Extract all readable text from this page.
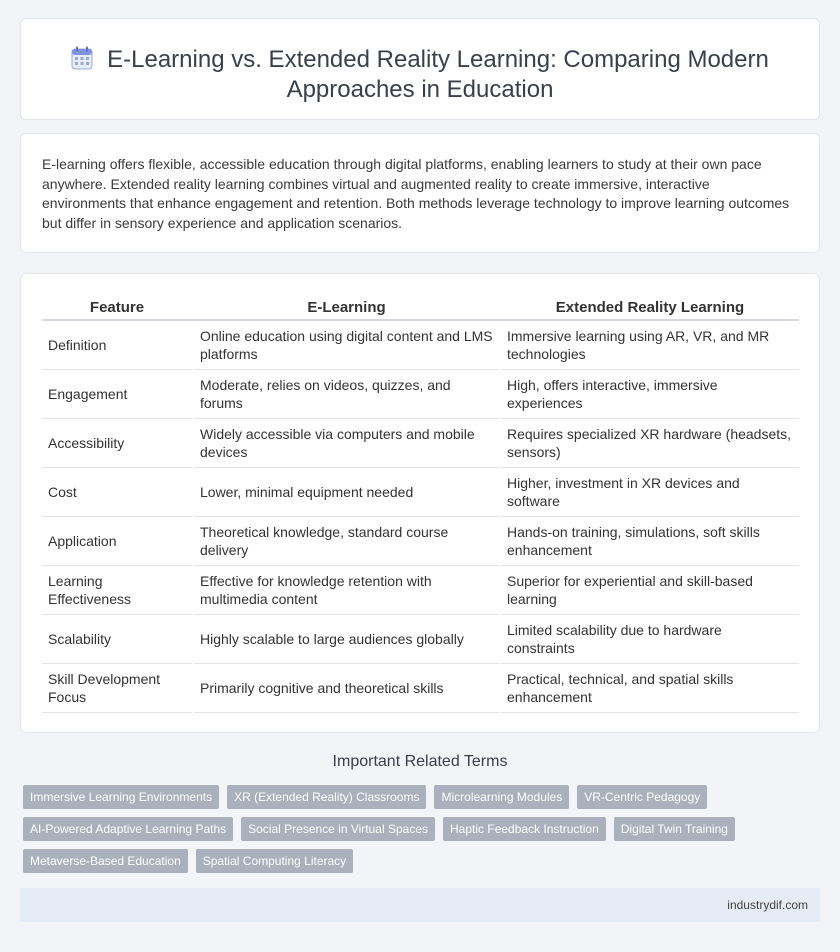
E-Learning vs. Extended Reality Learning: Comparing Modern Approaches in Education

E-learning offers flexible, accessible education through digital platforms, enabling learners to study at their own pace anywhere. Extended reality learning combines virtual and augmented reality to create immersive, interactive environments that enhance engagement and retention. Both methods leverage technology to improve learning outcomes but differ in sensory experience and application scenarios.

Feature	E-Learning	Extended Reality Learning
Definition	Online education using digital content and LMS platforms	Immersive learning using AR, VR, and MR technologies
Engagement	Moderate, relies on videos, quizzes, and forums	High, offers interactive, immersive experiences
Accessibility	Widely accessible via computers and mobile devices	Requires specialized XR hardware (headsets, sensors)
Cost	Lower, minimal equipment needed	Higher, investment in XR devices and software
Application	Theoretical knowledge, standard course delivery	Hands-on training, simulations, soft skills enhancement
Learning Effectiveness	Effective for knowledge retention with multimedia content	Superior for experiential and skill-based learning
Scalability	Highly scalable to large audiences globally	Limited scalability due to hardware constraints
Skill Development Focus	Primarily cognitive and theoretical skills	Practical, technical, and spatial skills enhancement
Important Related Terms
Immersive Learning Environments	XR (Extended Reality) Classrooms	Microlearning Modules	VR-Centric Pedagogy
AI-Powered Adaptive Learning Paths	Social Presence in Virtual Spaces	Haptic Feedback Instruction	Digital Twin Training
Metaverse-Based Education	Spatial Computing Literacy
industrydif.com
